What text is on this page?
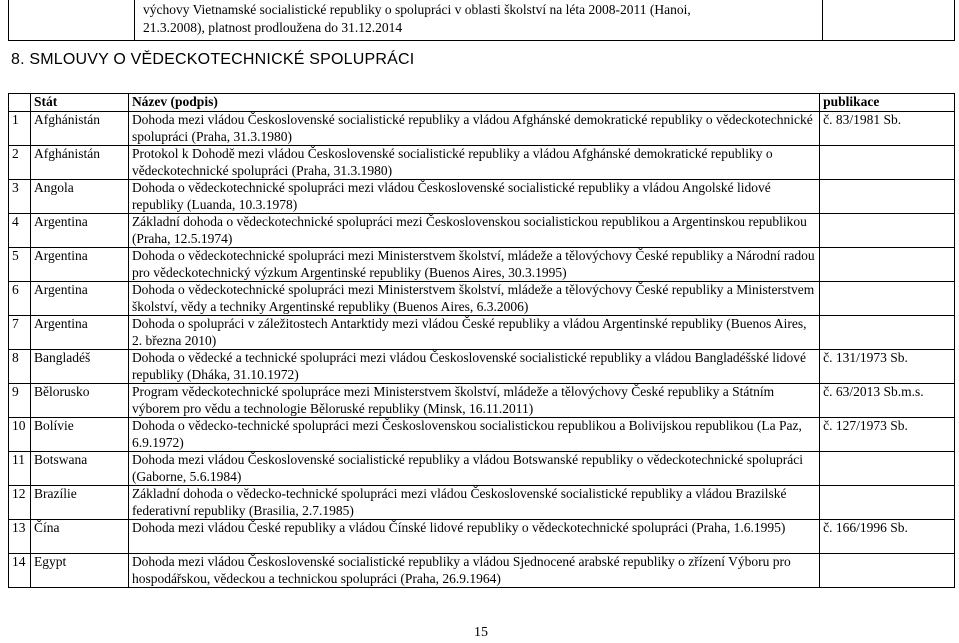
výchovy Vietnamské socialistické republiky o spolupráci v oblasti školství na léta 2008-2011 (Hanoi,
21.3.2008), platnost prodloužena do 31.12.2014
8. SMLOUVY O VĚDECKOTECHNICKÉ SPOLUPRÁCI
	Stát	Název (podpis)	publikace
1	Afghánistán	Dohoda mezi vládou Československé socialistické republiky a vládou Afghánské demokratické republiky o vědeckotechnické spolupráci (Praha, 31.3.1980)	č. 83/1981 Sb.
2	Afghánistán	Protokol k Dohodě mezi vládou Československé socialistické republiky a vládou Afghánské demokratické republiky o vědeckotechnické spolupráci (Praha, 31.3.1980)	
3	Angola	Dohoda o vědeckotechnické spolupráci mezi vládou Československé socialistické republiky a vládou Angolské lidové republiky (Luanda, 10.3.1978)	
4	Argentina	Základní dohoda o vědeckotechnické spolupráci mezi Československou socialistickou republikou a Argentinskou republikou (Praha, 12.5.1974)	
5	Argentina	Dohoda o vědeckotechnické spolupráci mezi Ministerstvem školství, mládeže a tělovýchovy České republiky a Národní radou pro vědeckotechnický výzkum Argentinské republiky (Buenos Aires, 30.3.1995)	
6	Argentina	Dohoda o vědeckotechnické spolupráci mezi Ministerstvem školství, mládeže a tělovýchovy České republiky a Ministerstvem školství, vědy a techniky Argentinské republiky (Buenos Aires, 6.3.2006)	
7	Argentina	Dohoda o spolupráci v záležitostech Antarktidy mezi vládou České republiky a vládou Argentinské republiky (Buenos Aires, 2. března 2010)	
8	Bangladéš	Dohoda o vědecké a technické spolupráci mezi vládou Československé socialistické republiky a vládou Bangladéšské lidové republiky (Dháka, 31.10.1972)	č. 131/1973 Sb.
9	Bělorusko	Program vědeckotechnické spolupráce mezi Ministerstvem školství, mládeže a tělovýchovy České republiky a Státním výborem pro vědu a technologie Běloruské republiky (Minsk, 16.11.2011)	č. 63/2013 Sb.m.s.
10	Bolívie	Dohoda o vědecko-technické spolupráci mezi Československou socialistickou republikou a Bolivijskou republikou (La Paz, 6.9.1972)	č. 127/1973 Sb.
11	Botswana	Dohoda mezi vládou Československé socialistické republiky a vládou Botswanské republiky o vědeckotechnické spolupráci (Gaborne, 5.6.1984)	
12	Brazílie	Základní dohoda o vědecko-technické spolupráci mezi vládou Československé socialistické republiky a vládou Brazilské federativní republiky (Brasilia, 2.7.1985)	
13	Čína	Dohoda mezi vládou České republiky a vládou Čínské lidové republiky o vědeckotechnické spolupráci (Praha, 1.6.1995)	č. 166/1996 Sb.
14	Egypt	Dohoda mezi vládou Československé socialistické republiky a vládou Sjednocené arabské republiky o zřízení Výboru pro hospodářskou, vědeckou a technickou spolupráci (Praha, 26.9.1964)	
15
